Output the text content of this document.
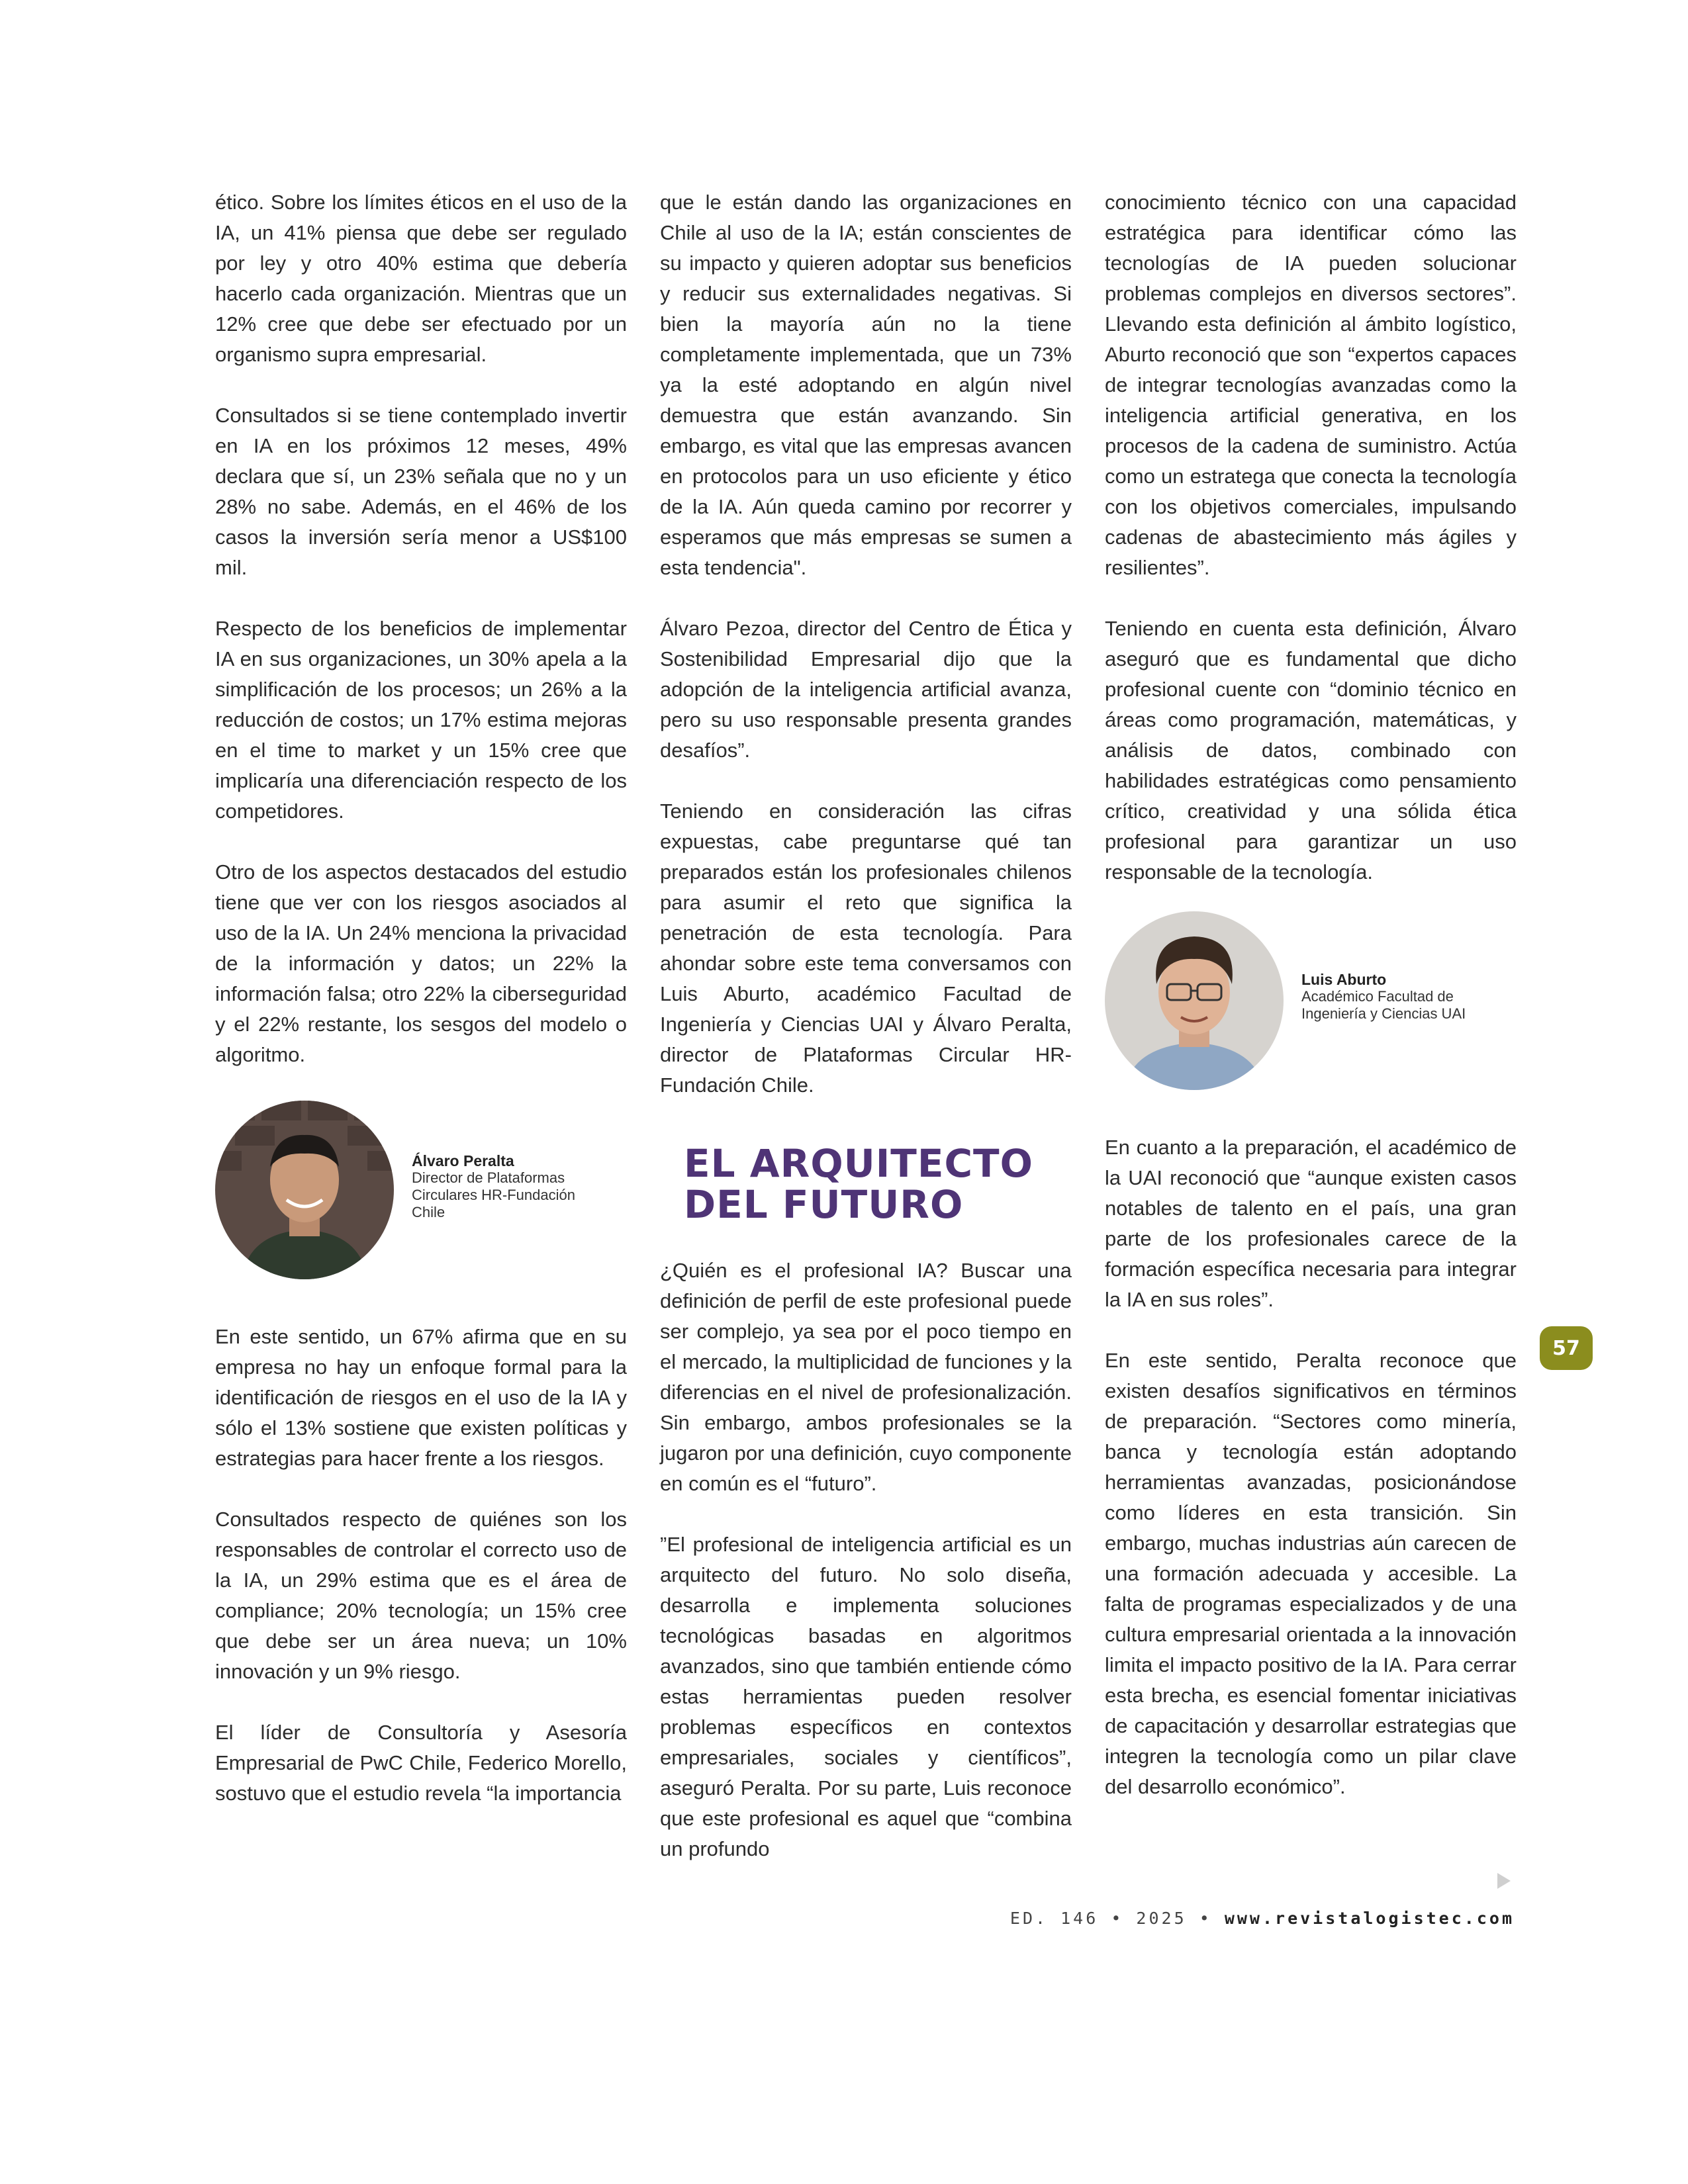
ético. Sobre los límites éticos en el uso de la IA, un 41% piensa que debe ser regulado por ley y otro 40% estima que debería hacerlo cada organización. Mientras que un 12% cree que debe ser efectuado por un organismo supra empresarial.

Consultados si se tiene contemplado invertir en IA en los próximos 12 meses, 49% declara que sí, un 23% señala que no y un 28% no sabe. Además, en el 46% de los casos la inversión sería menor a US$100 mil.

Respecto de los beneficios de implementar IA en sus organizaciones, un 30% apela a la simplificación de los procesos; un 26% a la reducción de costos; un 17% estima mejoras en el time to market y un 15% cree que implicaría una diferenciación respecto de los competidores.

Otro de los aspectos destacados del estudio tiene que ver con los riesgos asociados al uso de la IA. Un 24% menciona la privacidad de la información y datos; un 22% la información falsa; otro 22% la ciberseguridad y el 22% restante, los sesgos del modelo o algoritmo.

Álvaro Peralta
Director de Plataformas Circulares HR-Fundación Chile

En este sentido, un 67% afirma que en su empresa no hay un enfoque formal para la identificación de riesgos en el uso de la IA y sólo el 13% sostiene que existen políticas y estrategias para hacer frente a los riesgos.

Consultados respecto de quiénes son los responsables de controlar el correcto uso de la IA, un 29% estima que es el área de compliance; 20% tecnología; un 15% cree que debe ser un área nueva; un 10% innovación y un 9% riesgo.

El líder de Consultoría y Asesoría Empresarial de PwC Chile, Federico Morello, sostuvo que el estudio revela “la importancia

que le están dando las organizaciones en Chile al uso de la IA; están conscientes de su impacto y quieren adoptar sus beneficios y reducir sus externalidades negativas. Si bien la mayoría aún no la tiene completamente implementada, que un 73% ya la esté adoptando en algún nivel demuestra que están avanzando. Sin embargo, es vital que las empresas avancen en protocolos para un uso eficiente y ético de la IA. Aún queda camino por recorrer y esperamos que más empresas se sumen a esta tendencia".

Álvaro Pezoa, director del Centro de Ética y Sostenibilidad Empresarial dijo que la adopción de la inteligencia artificial avanza, pero su uso responsable presenta grandes desafíos”.

Teniendo en consideración las cifras expuestas, cabe preguntarse qué tan preparados están los profesionales chilenos para asumir el reto que significa la penetración de esta tecnología. Para ahondar sobre este tema conversamos con Luis Aburto, académico Facultad de Ingeniería y Ciencias UAI y Álvaro Peralta, director de Plataformas Circular HR-Fundación Chile.

EL ARQUITECTO
DEL FUTURO

¿Quién es el profesional IA? Buscar una definición de perfil de este profesional puede ser complejo, ya sea por el poco tiempo en el mercado, la multiplicidad de funciones y la diferencias en el nivel de profesionalización. Sin embargo, ambos profesionales se la jugaron por una definición, cuyo componente en común es el “futuro”.

”El profesional de inteligencia artificial es un arquitecto del futuro. No solo diseña, desarrolla e implementa soluciones tecnológicas basadas en algoritmos avanzados, sino que también entiende cómo estas herramientas pueden resolver problemas específicos en contextos empresariales, sociales y científicos”, aseguró Peralta. Por su parte, Luis reconoce que este profesional es aquel que “combina un profundo

conocimiento técnico con una capacidad estratégica para identificar cómo las tecnologías de IA pueden solucionar problemas complejos en diversos sectores”. Llevando esta definición al ámbito logístico, Aburto reconoció que son “expertos capaces de integrar tecnologías avanzadas como la inteligencia artificial generativa, en los procesos de la cadena de suministro. Actúa como un estratega que conecta la tecnología con los objetivos comerciales, impulsando cadenas de abastecimiento más ágiles y resilientes”.

Teniendo en cuenta esta definición, Álvaro aseguró que es fundamental que dicho profesional cuente con “dominio técnico en áreas como programación, matemáticas, y análisis de datos, combinado con habilidades estratégicas como pensamiento crítico, creatividad y una sólida ética profesional para garantizar un uso responsable de la tecnología.

Luis Aburto
Académico Facultad de Ingeniería y Ciencias UAI

En cuanto a la preparación, el académico de la UAI reconoció que “aunque existen casos notables de talento en el país, una gran parte de los profesionales carece de la formación específica necesaria para integrar la IA en sus roles”.

En este sentido, Peralta reconoce que existen desafíos significativos en términos de preparación. “Sectores como minería, banca y tecnología están adoptando herramientas avanzadas, posicionándose como líderes en esta transición. Sin embargo, muchas industrias aún carecen de una formación adecuada y accesible. La falta de programas especializados y de una cultura empresarial orientada a la innovación limita el impacto positivo de la IA. Para cerrar esta brecha, es esencial fomentar iniciativas de capacitación y desarrollar estrategias que integren la tecnología como un pilar clave del desarrollo económico”.

57
ED. 146 • 2025 • www.revistalogistec.com
